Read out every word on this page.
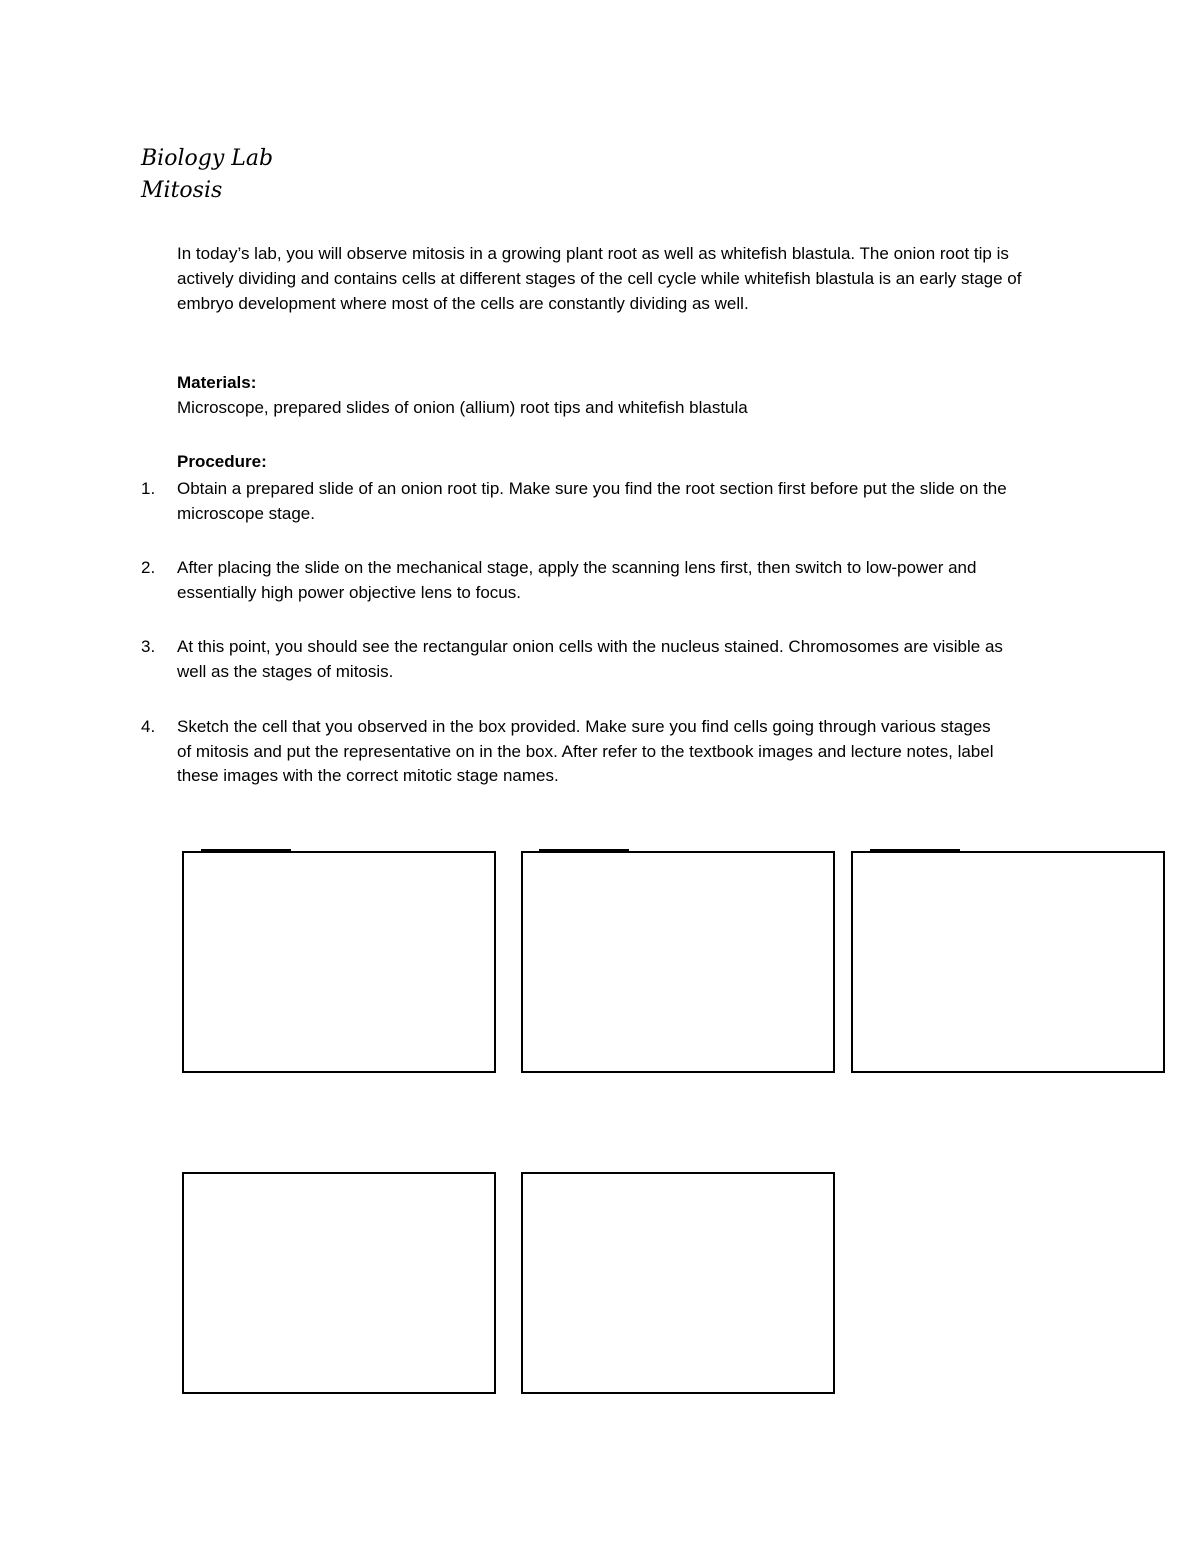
Biology Lab
Mitosis

In today’s lab, you will observe mitosis in a growing plant root as well as whitefish blastula. The onion root tip is actively dividing and contains cells at different stages of the cell cycle while whitefish blastula is an early stage of embryo development where most of the cells are constantly dividing as well.

Materials:

Microscope, prepared slides of onion (allium) root tips and whitefish blastula

Procedure:

1.	Obtain a prepared slide of an onion root tip. Make sure you find the root section first before put the slide on the microscope stage.
2.	After placing the slide on the mechanical stage, apply the scanning lens first, then switch to low-power and essentially high power objective lens to focus.
3.	At this point, you should see the rectangular onion cells with the nucleus stained. Chromosomes are visible as well as the stages of mitosis.
4.	Sketch the cell that you observed in the box provided. Make sure you find cells going through various stages of mitosis and put the representative on in the box. After refer to the textbook images and lecture notes, label these images with the correct mitotic stage names.
